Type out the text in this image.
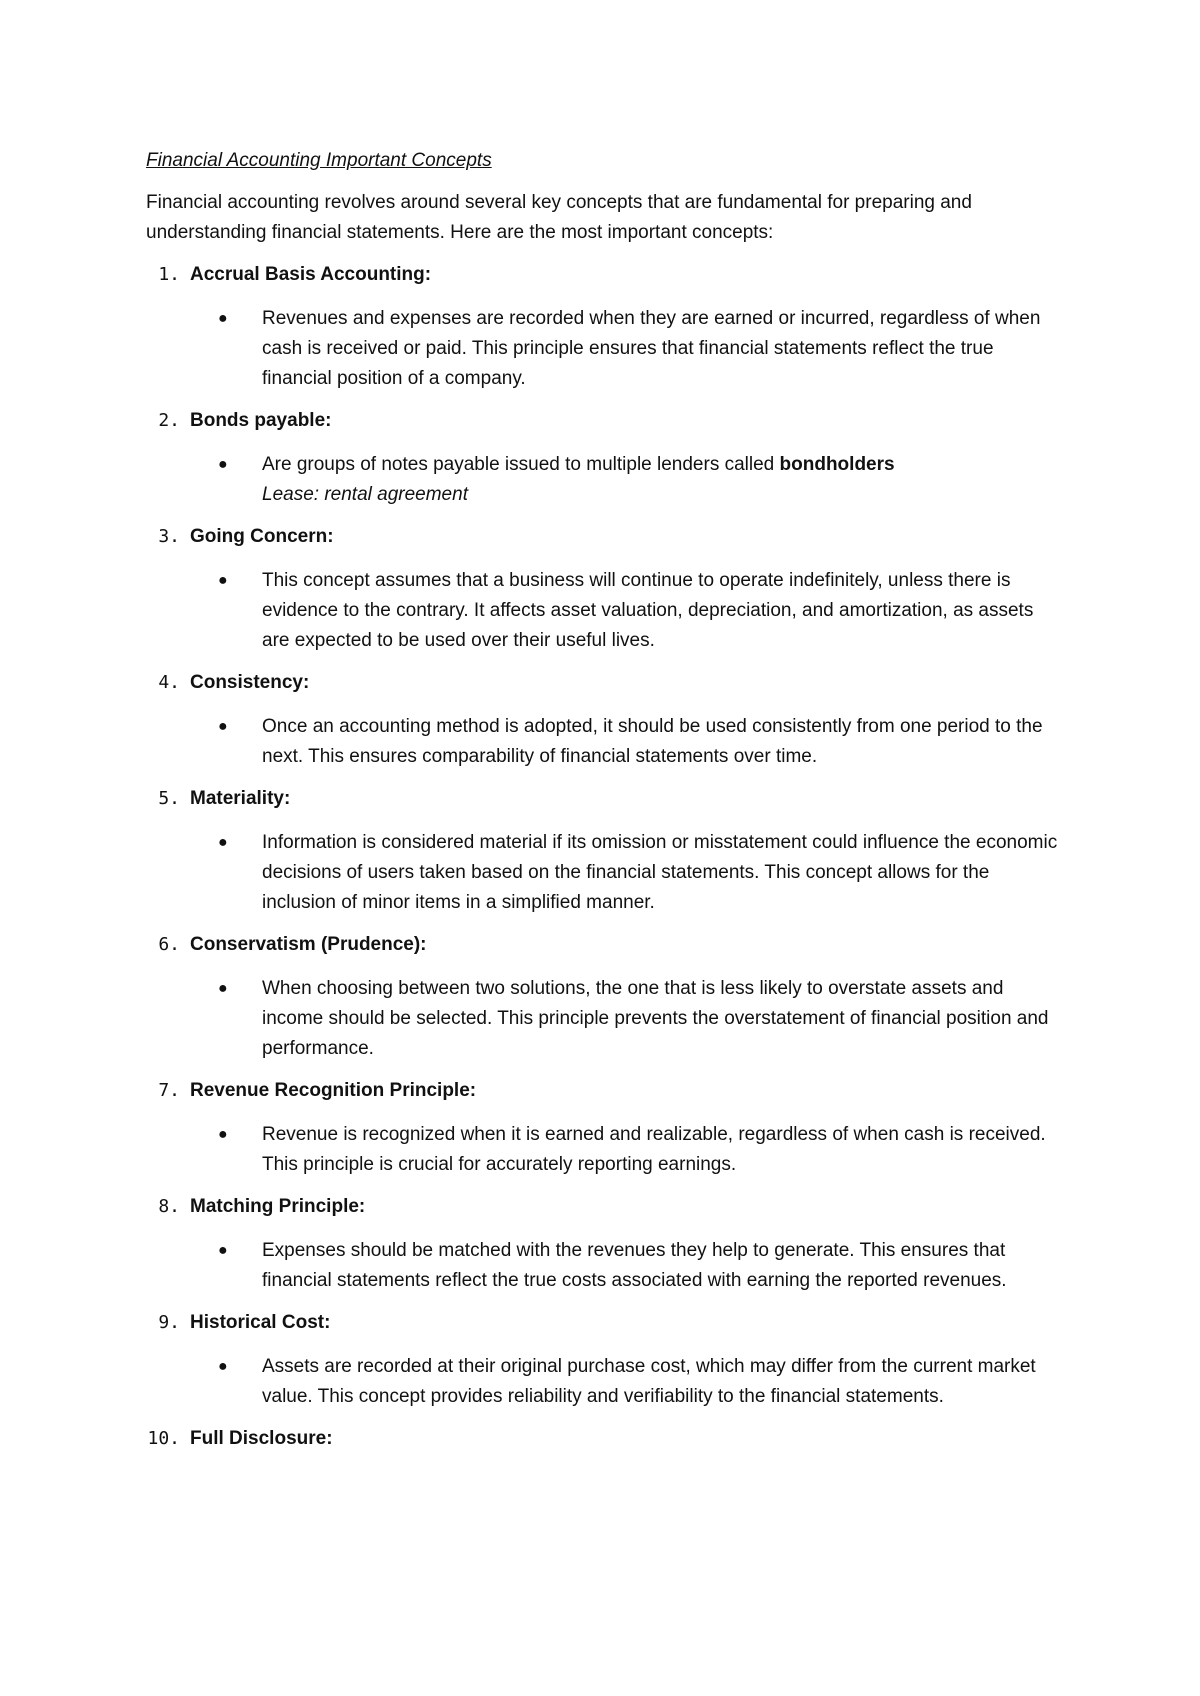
Financial Accounting Important Concepts
Financial accounting revolves around several key concepts that are fundamental for preparing and understanding financial statements. Here are the most important concepts:
1. Accrual Basis Accounting:
●	Revenues and expenses are recorded when they are earned or incurred, regardless of when cash is received or paid. This principle ensures that financial statements reflect the true financial position of a company.
2. Bonds payable:
●	Are groups of notes payable issued to multiple lenders called bondholders
Lease: rental agreement
3. Going Concern:
●	This concept assumes that a business will continue to operate indefinitely, unless there is evidence to the contrary. It affects asset valuation, depreciation, and amortization, as assets are expected to be used over their useful lives.
4. Consistency:
●	Once an accounting method is adopted, it should be used consistently from one period to the next. This ensures comparability of financial statements over time.
5. Materiality:
●	Information is considered material if its omission or misstatement could influence the economic decisions of users taken based on the financial statements. This concept allows for the inclusion of minor items in a simplified manner.
6. Conservatism (Prudence):
●	When choosing between two solutions, the one that is less likely to overstate assets and income should be selected. This principle prevents the overstatement of financial position and performance.
7. Revenue Recognition Principle:
●	Revenue is recognized when it is earned and realizable, regardless of when cash is received. This principle is crucial for accurately reporting earnings.
8. Matching Principle:
●	Expenses should be matched with the revenues they help to generate. This ensures that financial statements reflect the true costs associated with earning the reported revenues.
9. Historical Cost:
●	Assets are recorded at their original purchase cost, which may differ from the current market value. This concept provides reliability and verifiability to the financial statements.
10. Full Disclosure:
